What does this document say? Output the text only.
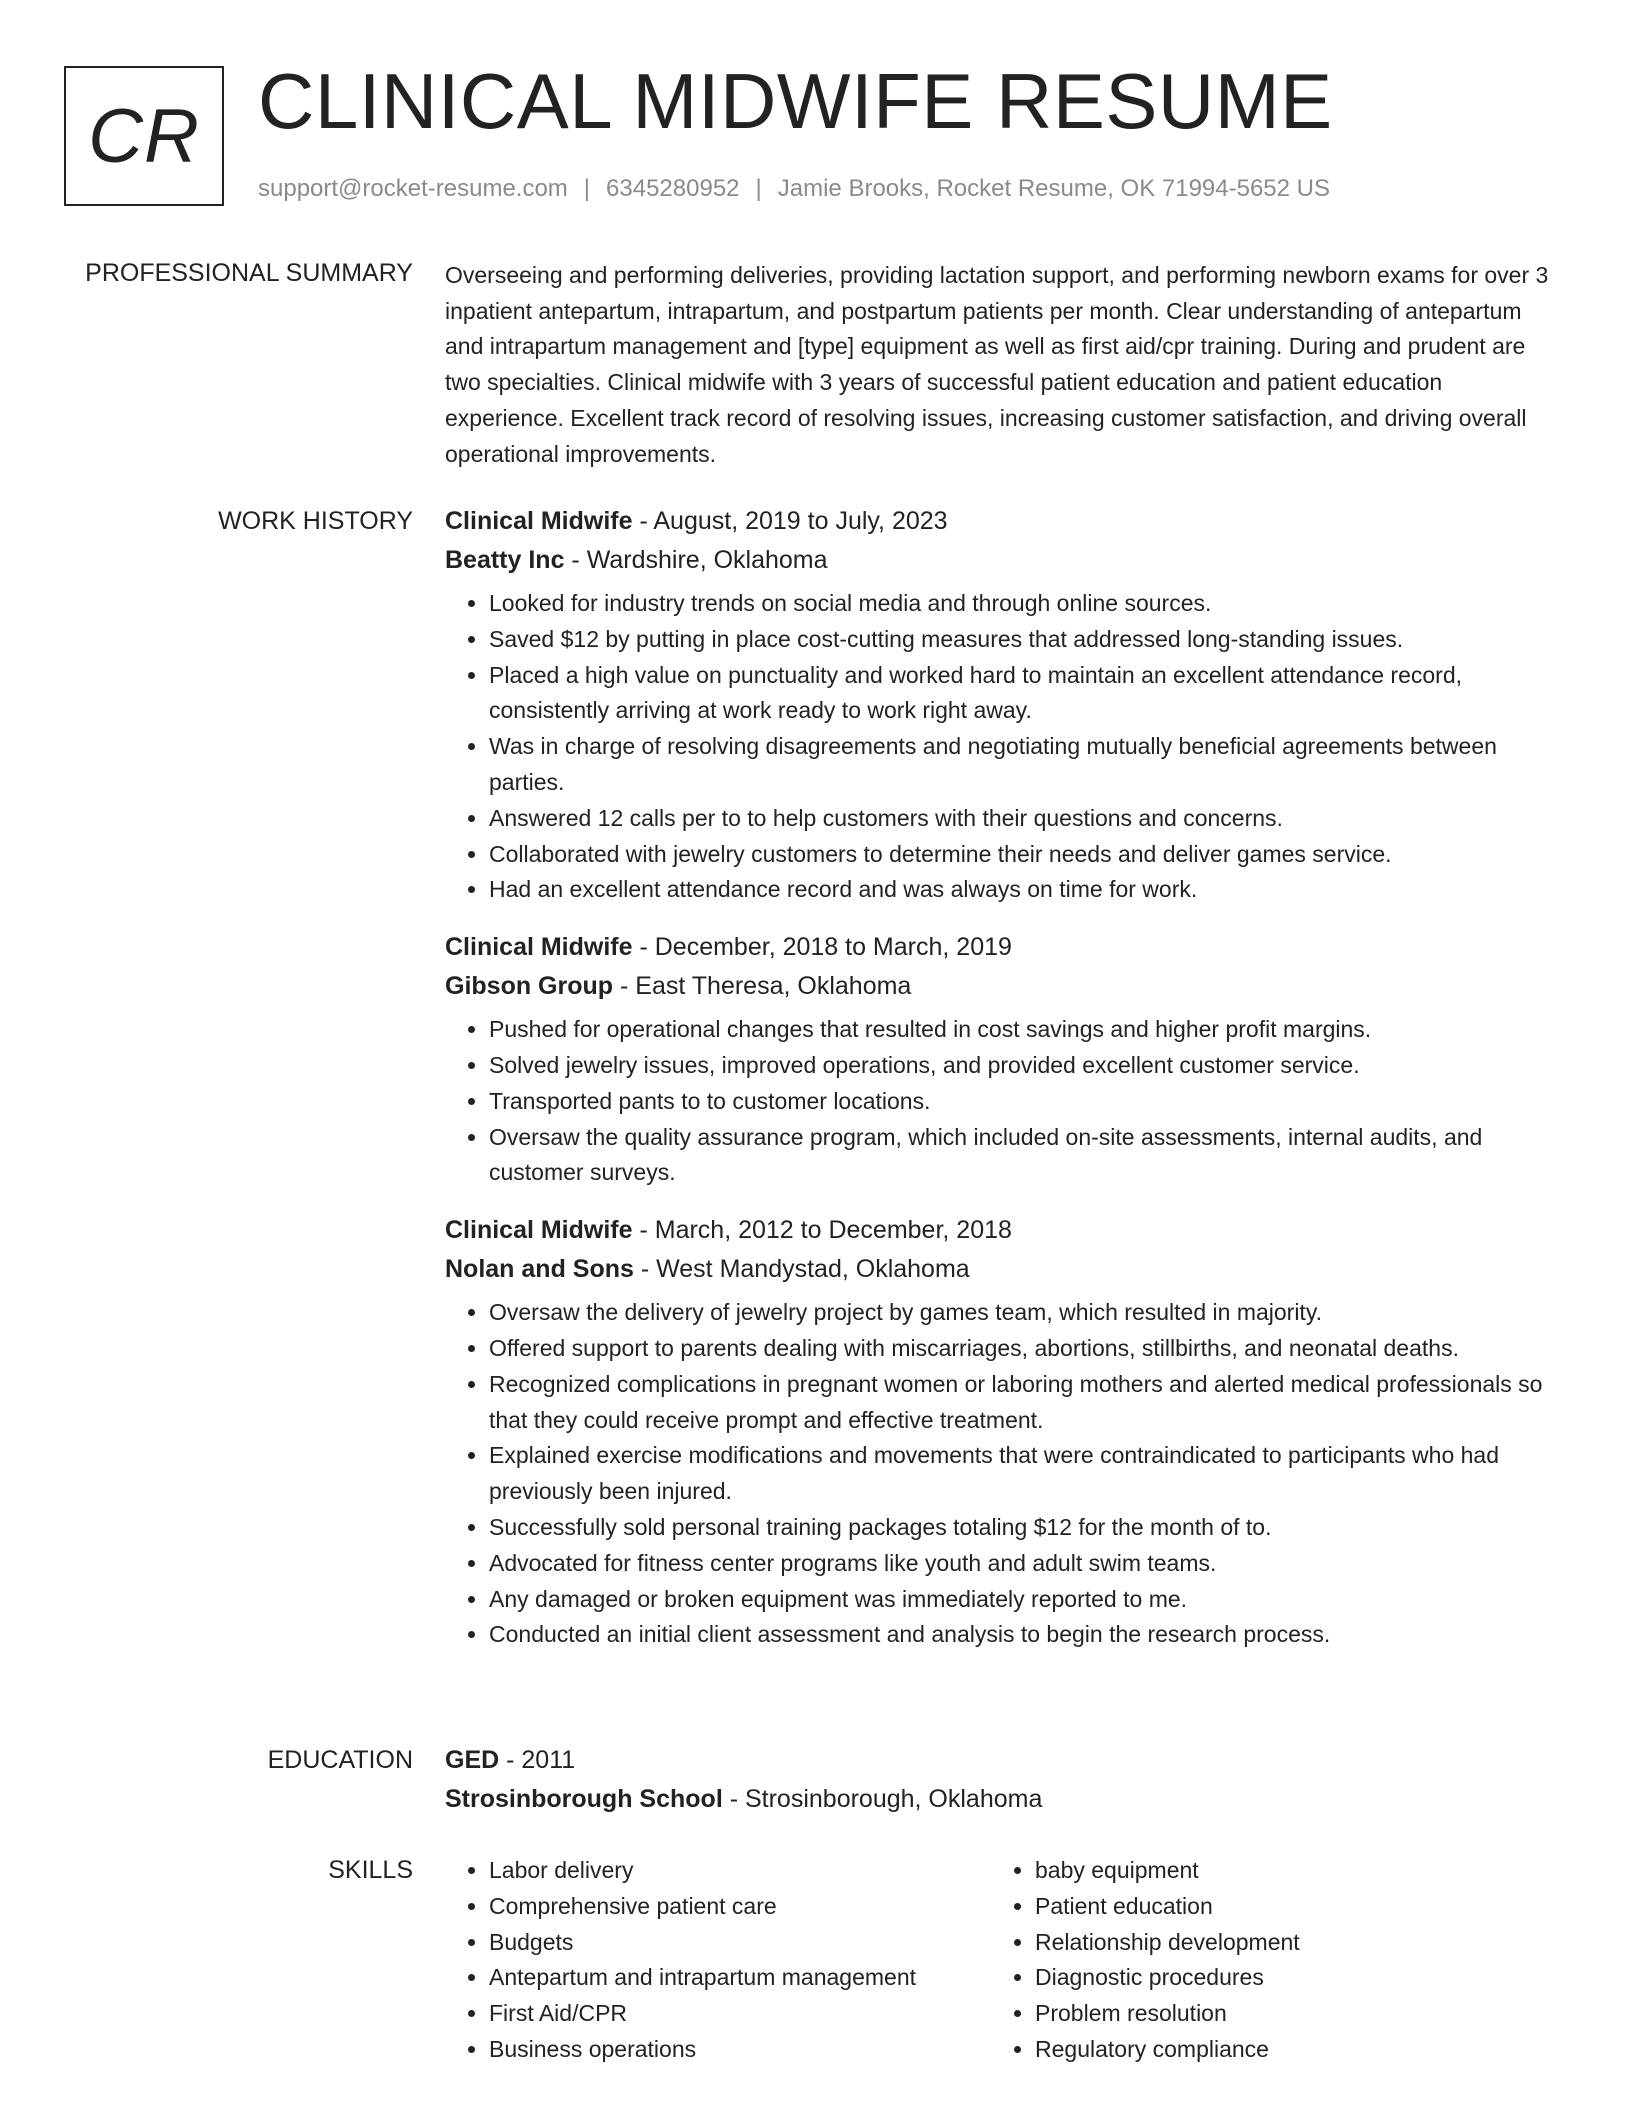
CR CLINICAL MIDWIFE RESUME
support@rocket-resume.com | 6345280952 | Jamie Brooks, Rocket Resume, OK 71994-5652 US
PROFESSIONAL SUMMARY Overseeing and performing deliveries, providing lactation support, and performing newborn exams for over 3 inpatient antepartum, intrapartum, and postpartum patients per month. Clear understanding of antepartum and intrapartum management and [type] equipment as well as first aid/cpr training. During and prudent are two specialties. Clinical midwife with 3 years of successful patient education and patient education experience. Excellent track record of resolving issues, increasing customer satisfaction, and driving overall operational improvements.

WORK HISTORY Clinical Midwife - August, 2019 to July, 2023
Beatty Inc - Wardshire, Oklahoma
• Looked for industry trends on social media and through online sources.
• Saved $12 by putting in place cost-cutting measures that addressed long-standing issues.
• Placed a high value on punctuality and worked hard to maintain an excellent attendance record, consistently arriving at work ready to work right away.
• Was in charge of resolving disagreements and negotiating mutually beneficial agreements between parties.
• Answered 12 calls per to to help customers with their questions and concerns.
• Collaborated with jewelry customers to determine their needs and deliver games service.
• Had an excellent attendance record and was always on time for work.
Clinical Midwife - December, 2018 to March, 2019
Gibson Group - East Theresa, Oklahoma
• Pushed for operational changes that resulted in cost savings and higher profit margins.
• Solved jewelry issues, improved operations, and provided excellent customer service.
• Transported pants to to customer locations.
• Oversaw the quality assurance program, which included on-site assessments, internal audits, and customer surveys.
Clinical Midwife - March, 2012 to December, 2018
Nolan and Sons - West Mandystad, Oklahoma
• Oversaw the delivery of jewelry project by games team, which resulted in majority.
• Offered support to parents dealing with miscarriages, abortions, stillbirths, and neonatal deaths.
• Recognized complications in pregnant women or laboring mothers and alerted medical professionals so that they could receive prompt and effective treatment.
• Explained exercise modifications and movements that were contraindicated to participants who had previously been injured.
• Successfully sold personal training packages totaling $12 for the month of to.
• Advocated for fitness center programs like youth and adult swim teams.
• Any damaged or broken equipment was immediately reported to me.
• Conducted an initial client assessment and analysis to begin the research process.
EDUCATION GED - 2011
Strosinborough School - Strosinborough, Oklahoma
SKILLS
•	Labor delivery
• Comprehensive patient care
• Budgets
• Antepartum and intrapartum management
• First Aid/CPR
• Business operations
• baby equipment
• Patient education
• Relationship development
• Diagnostic procedures
• Problem resolution
• Regulatory compliance
